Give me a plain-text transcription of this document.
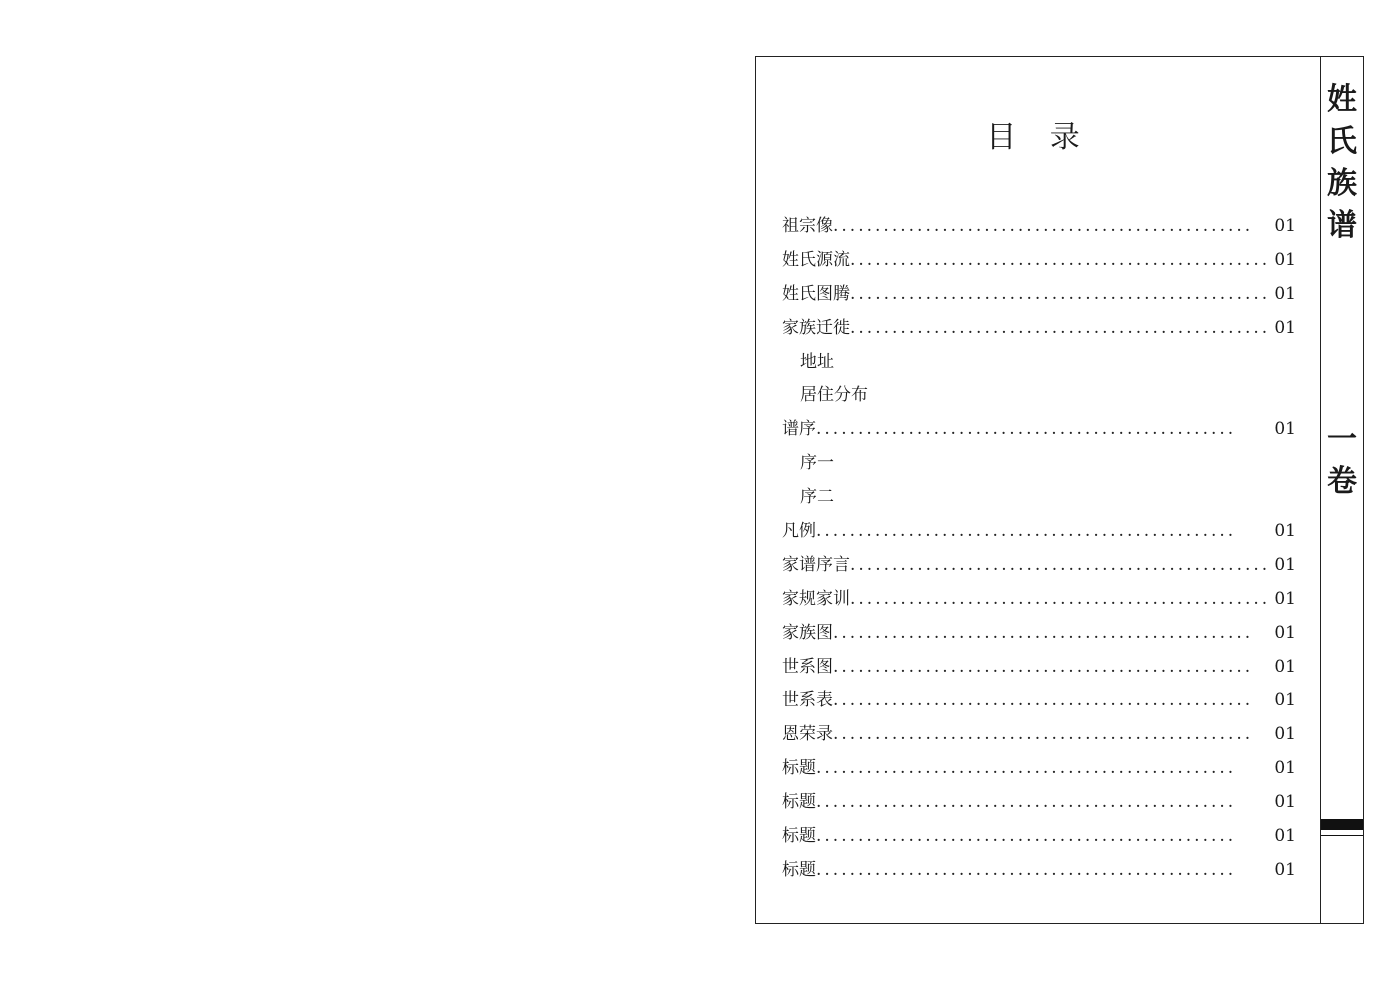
目 录
祖宗像 ..................................................	01
姓氏源流 .................................................. 01
姓氏图腾 .................................................. 01
家族迁徙 .................................................. 01
地址
居住分布
谱序 ..................................................	01
序一
序二
凡例 ..................................................	01
家谱序言 .................................................. 01
家规家训 .................................................. 01
家族图 ..................................................	01
世系图 ..................................................	01
世系表 ..................................................	01
恩荣录 ..................................................	01
标题 ..................................................	01
标题 ..................................................	01
标题 ..................................................	01
标题 ..................................................	01
姓
氏
族
谱
一
卷
